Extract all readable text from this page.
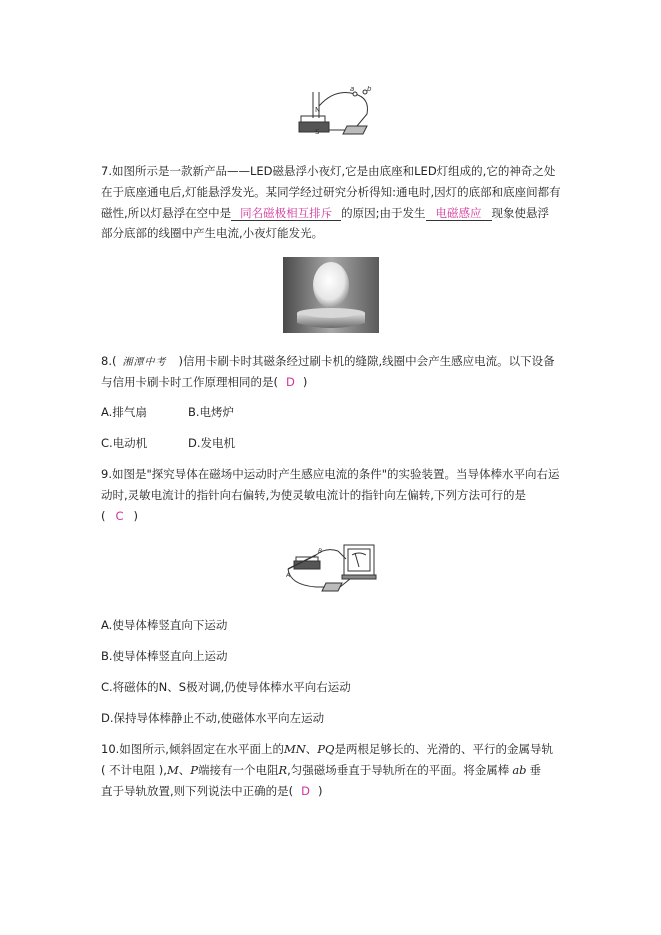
N
S
a b
7.如图所示是一款新产品——LED磁悬浮小夜灯,它是由底座和LED灯组成的,它的神奇之处
在于底座通电后,灯能悬浮发光。某同学经过研究分析得知:通电时,因灯的底部和底座间都有
磁性,所以灯悬浮在空中是 同名磁极相互排斥 的原因;由于发生 电磁感应 现象使悬浮
部分底部的线圈中产生电流,小夜灯能发光。
8.( 湘潭中考 )信用卡刷卡时其磁条经过刷卡机的缝隙,线圈中会产生感应电流。以下设备
与信用卡刷卡时工作原理相同的是( D )
A.排气扇	B.电烤炉
C.电动机	D.发电机
9.如图是"探究导体在磁场中运动时产生感应电流的条件"的实验装置。当导体棒水平向右运
动时,灵敏电流计的指针向右偏转,为使灵敏电流计的指针向左偏转,下列方法可行的是
( C )
A
B
A.使导体棒竖直向下运动
B.使导体棒竖直向上运动
C.将磁体的N、S极对调,仍使导体棒水平向右运动
D.保持导体棒静止不动,使磁体水平向左运动
10.如图所示,倾斜固定在水平面上的MN、PQ是两根足够长的、光滑的、平行的金属导轨
( 不计电阻 ),M、P端接有一个电阻R,匀强磁场垂直于导轨所在的平面。将金属棒 ab 垂
直于导轨放置,则下列说法中正确的是( D )
